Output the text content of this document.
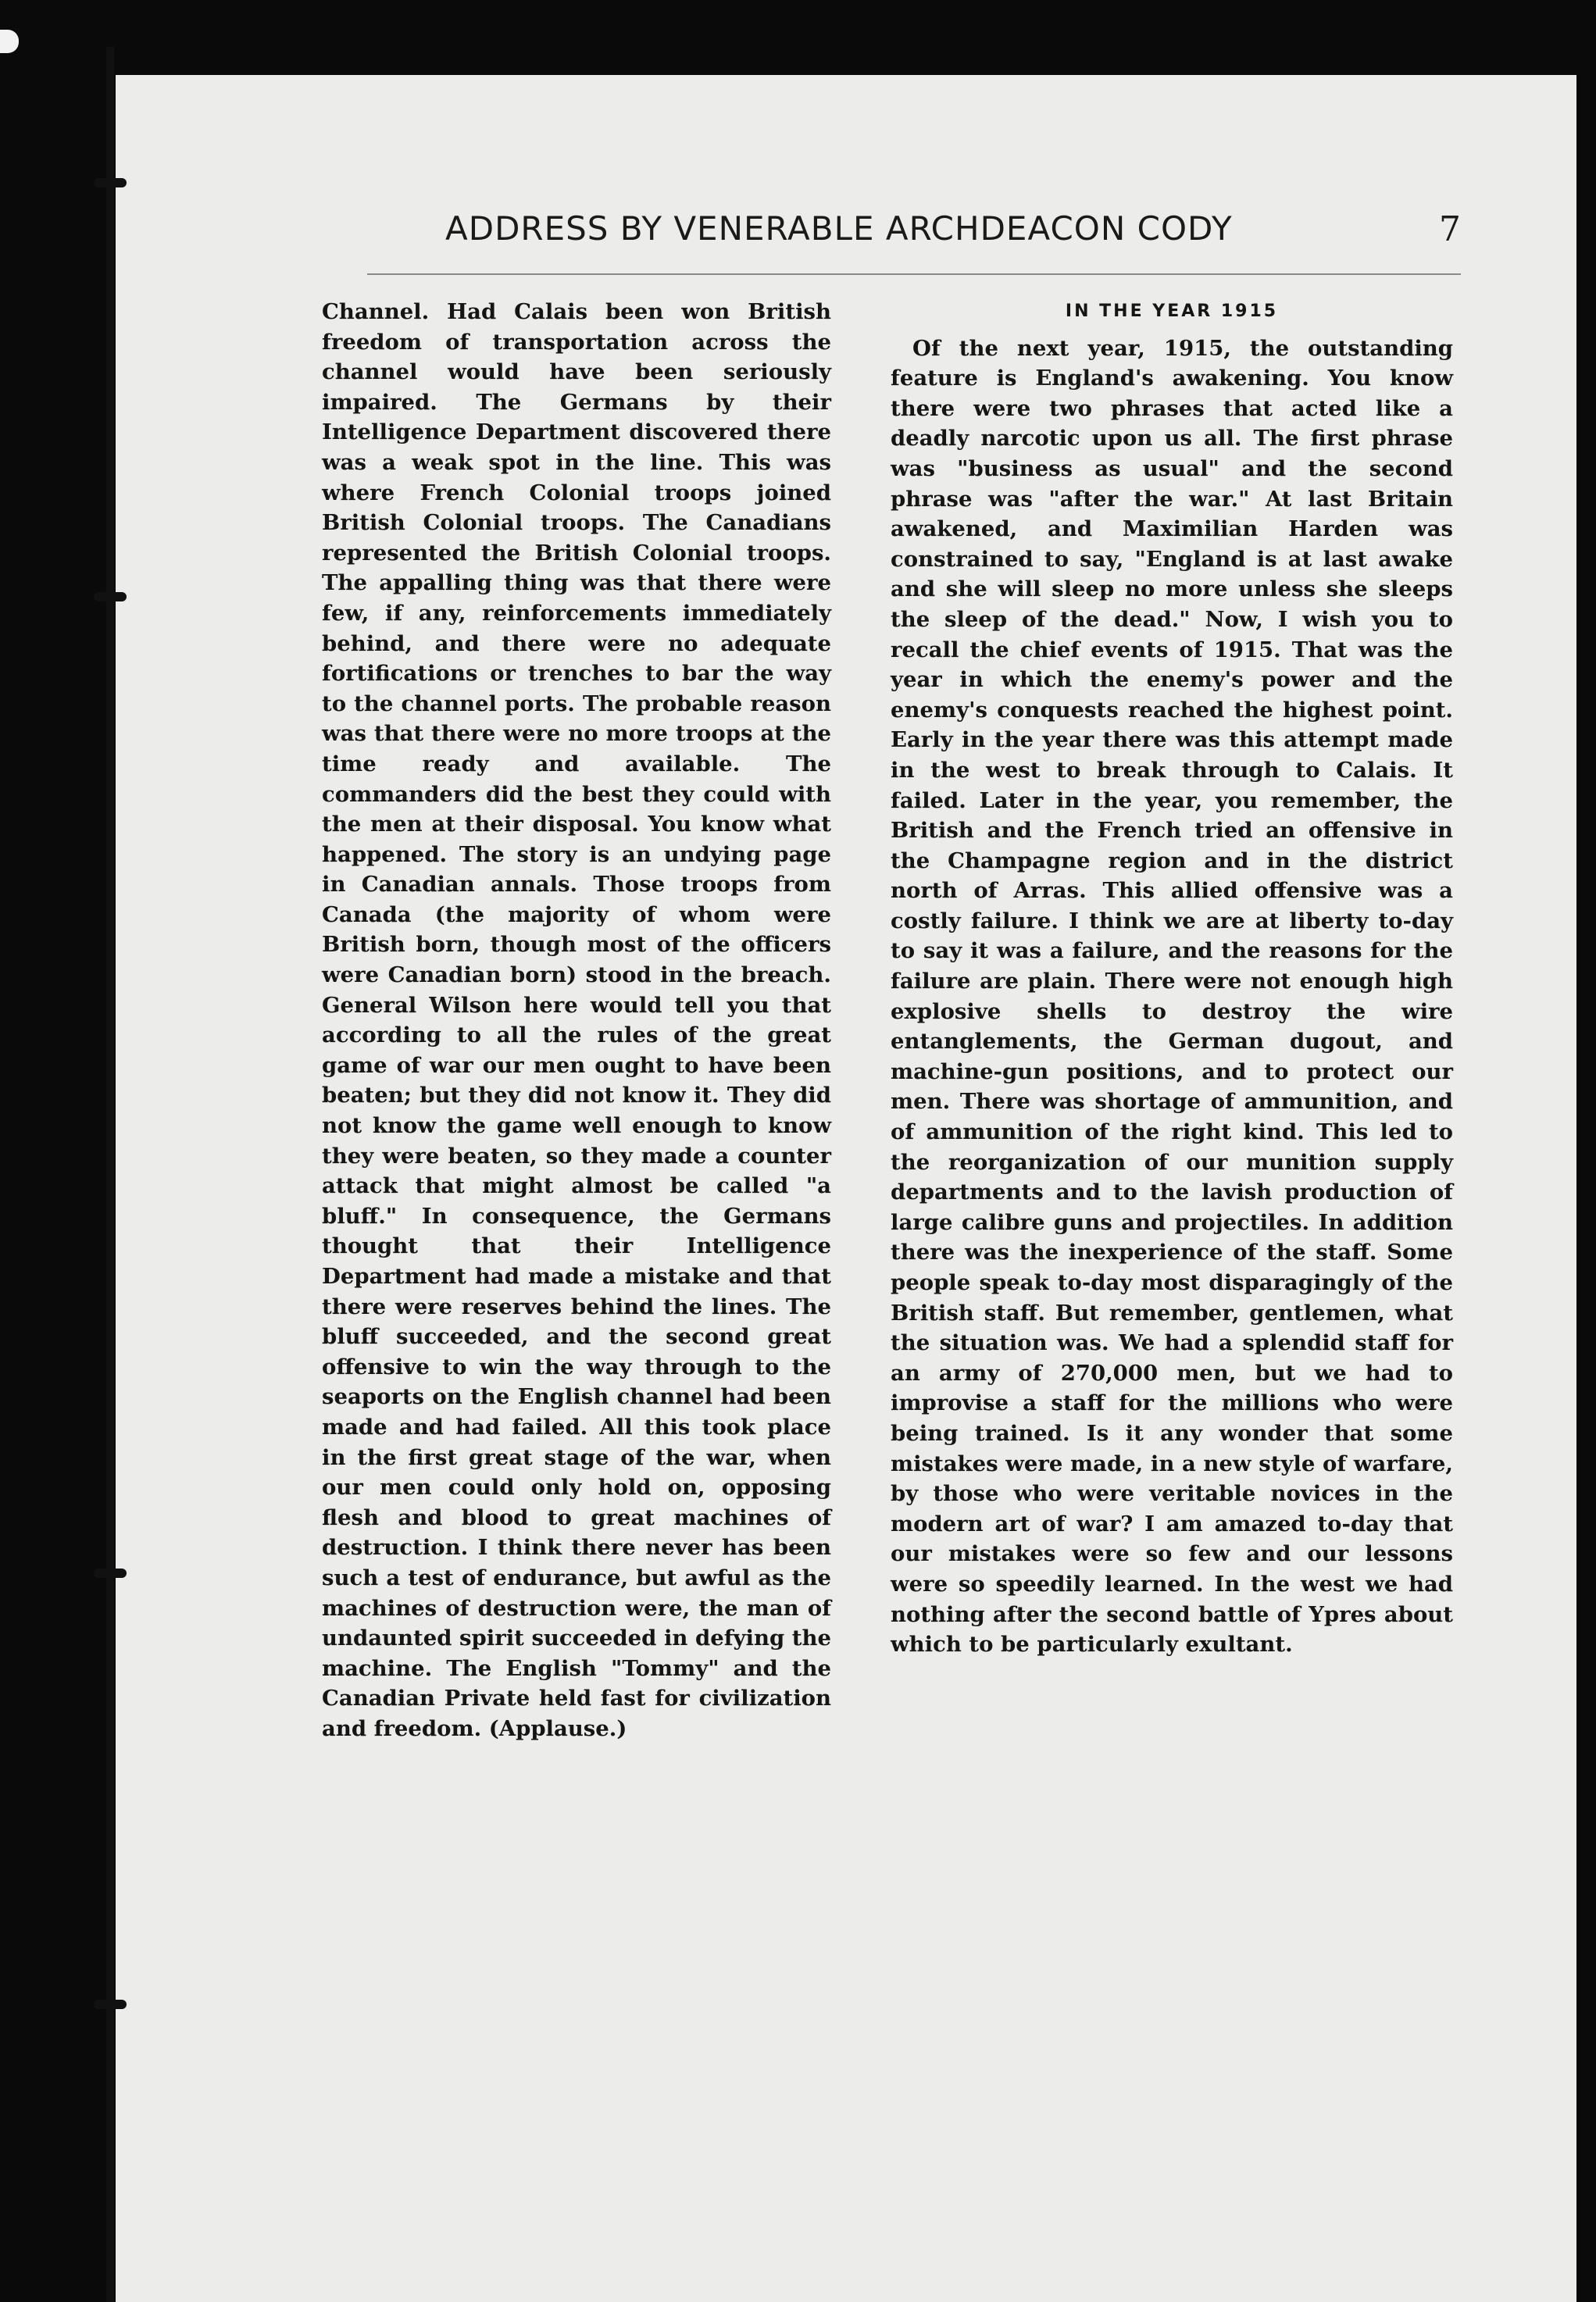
ADDRESS BY VENERABLE ARCHDEACON CODY	7

Channel. Had Calais been won British freedom of transportation across the channel would have been seriously impaired. The Germans by their Intelligence Department discovered there was a weak spot in the line. This was where French Colonial troops joined British Colonial troops. The Canadians represented the British Colonial troops. The appalling thing was that there were few, if any, reinforcements immediately behind, and there were no adequate fortifications or trenches to bar the way to the channel ports. The probable reason was that there were no more troops at the time ready and available. The commanders did the best they could with the men at their disposal. You know what happened. The story is an undying page in Canadian annals. Those troops from Canada (the majority of whom were British born, though most of the officers were Canadian born) stood in the breach. General Wilson here would tell you that according to all the rules of the great game of war our men ought to have been beaten; but they did not know it. They did not know the game well enough to know they were beaten, so they made a counter attack that might almost be called "a bluff." In consequence, the Germans thought that their Intelligence Department had made a mistake and that there were reserves behind the lines. The bluff succeeded, and the second great offensive to win the way through to the seaports on the English channel had been made and had failed. All this took place in the first great stage of the war, when our men could only hold on, opposing flesh and blood to great machines of destruction. I think there never has been such a test of endurance, but awful as the machines of destruction were, the man of undaunted spirit succeeded in defying the machine. The English "Tommy" and the Canadian Private held fast for civilization and freedom. (Applause.)

IN THE YEAR 1915

Of the next year, 1915, the outstanding feature is England's awakening. You know there were two phrases that acted like a deadly narcotic upon us all. The first phrase was "business as usual" and the second phrase was "after the war." At last Britain awakened, and Maximilian Harden was constrained to say, "England is at last awake and she will sleep no more unless she sleeps the sleep of the dead." Now, I wish you to recall the chief events of 1915. That was the year in which the enemy's power and the enemy's conquests reached the highest point. Early in the year there was this attempt made in the west to break through to Calais. It failed. Later in the year, you remember, the British and the French tried an offensive in the Champagne region and in the district north of Arras. This allied offensive was a costly failure. I think we are at liberty to-day to say it was a failure, and the reasons for the failure are plain. There were not enough high explosive shells to destroy the wire entanglements, the German dugout, and machine-gun positions, and to protect our men. There was shortage of ammunition, and of ammunition of the right kind. This led to the reorganization of our munition supply departments and to the lavish production of large calibre guns and projectiles. In addition there was the inexperience of the staff. Some people speak to-day most disparagingly of the British staff. But remember, gentlemen, what the situation was. We had a splendid staff for an army of 270,000 men, but we had to improvise a staff for the millions who were being trained. Is it any wonder that some mistakes were made, in a new style of warfare, by those who were veritable novices in the modern art of war? I am amazed to-day that our mistakes were so few and our lessons were so speedily learned. In the west we had nothing after the second battle of Ypres about which to be particularly exultant.
